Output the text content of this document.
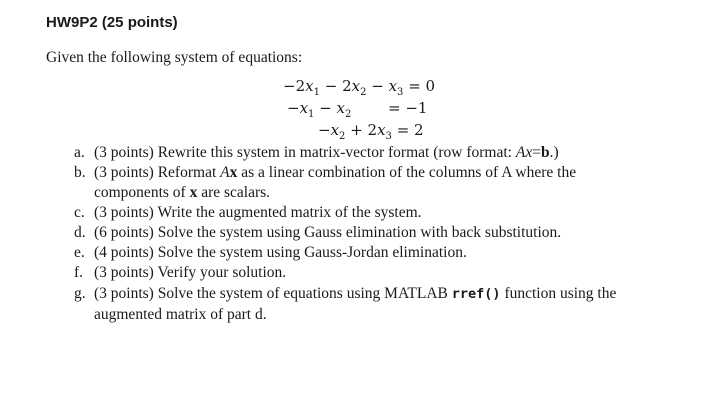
HW9P2 (25 points)
Given the following system of equations:
$-2x_1 - 2x_2 - x_3 = 0$
$-x_1 - x_2 = -1$
$-x_2 + 2x_3 = 2$
a. (3 points) Rewrite this system in matrix-vector format (row format: Ax=b.)
b. (3 points) Reformat Ax as a linear combination of the columns of A where the
components of x are scalars.
c. (3 points) Write the augmented matrix of the system.
d. (6 points) Solve the system using Gauss elimination with back substitution.
e. (4 points) Solve the system using Gauss-Jordan elimination.
f. (3 points) Verify your solution.
g. (3 points) Solve the system of equations using MATLAB rref() function using the
augmented matrix of part d.
